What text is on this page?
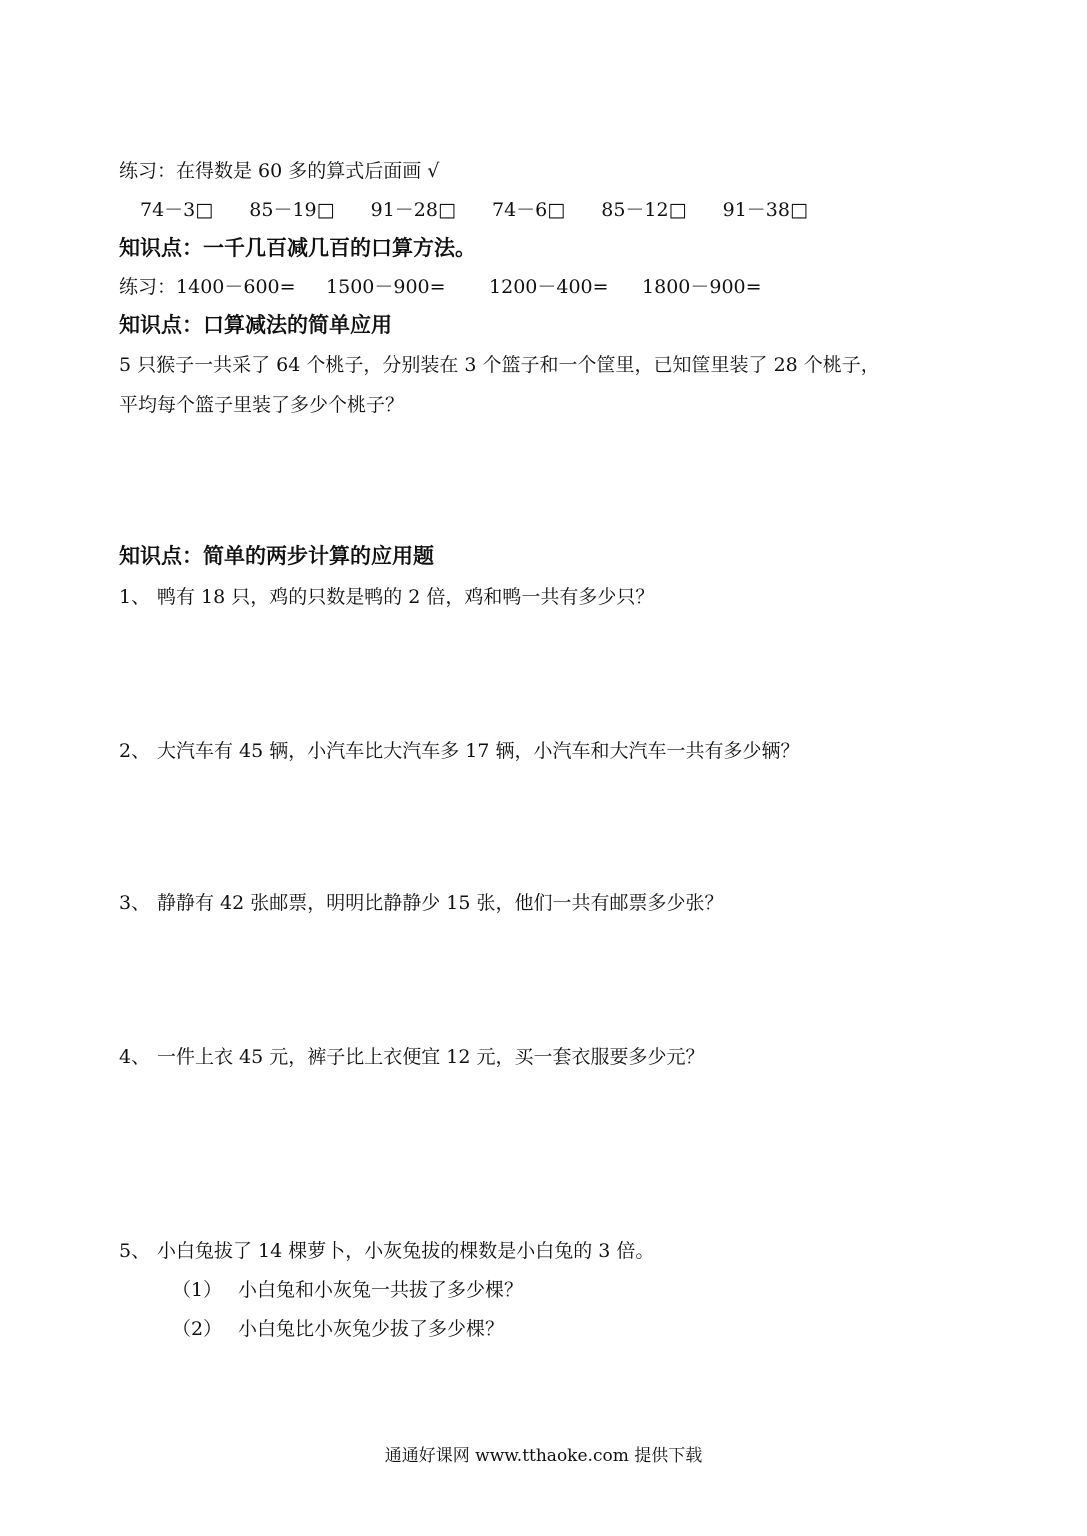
练习：在得数是 60 多的算式后面画 √
74－3□ 85－19□ 91－28□ 74－6□ 85－12□ 91－38□
知识点：一千几百减几百的口算方法。
练习：1400－600= 1500－900= 1200－400= 1800－900=
知识点：口算减法的简单应用
5 只猴子一共采了 64 个桃子，分别装在 3 个篮子和一个筐里，已知筐里装了 28 个桃子，
平均每个篮子里装了多少个桃子？
知识点：简单的两步计算的应用题
1、 鸭有 18 只，鸡的只数是鸭的 2 倍，鸡和鸭一共有多少只？
2、 大汽车有 45 辆，小汽车比大汽车多 17 辆，小汽车和大汽车一共有多少辆？
3、 静静有 42 张邮票，明明比静静少 15 张，他们一共有邮票多少张？
4、 一件上衣 45 元，裤子比上衣便宜 12 元，买一套衣服要多少元？
5、 小白兔拔了 14 棵萝卜，小灰兔拔的棵数是小白兔的 3 倍。
（1） 小白兔和小灰兔一共拔了多少棵？
（2） 小白兔比小灰兔少拔了多少棵？
通通好课网 www.tthaoke.com 提供下载
